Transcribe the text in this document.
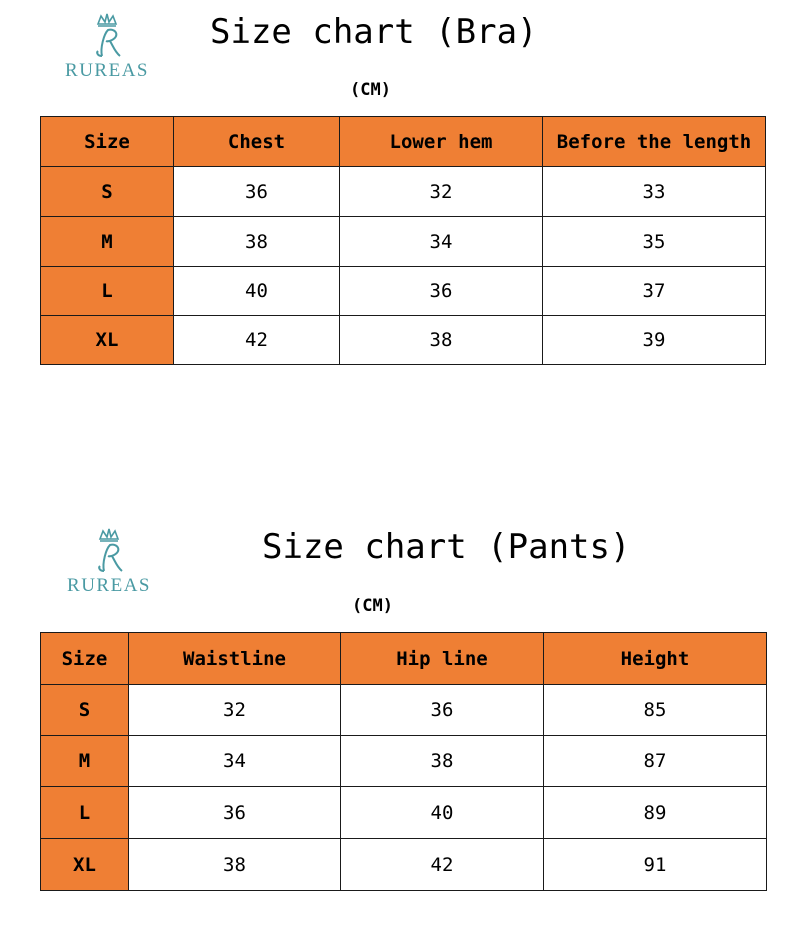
RUREAS
Size chart (Bra)
(CM)
Size	Chest	Lower hem	Before the length
S	36	32	33
M	38	34	35
L	40	36	37
XL	42	38	39
RUREAS
Size chart (Pants)
(CM)
Size	Waistline	Hip line	Height
S	32	36	85
M	34	38	87
L	36	40	89
XL	38	42	91
